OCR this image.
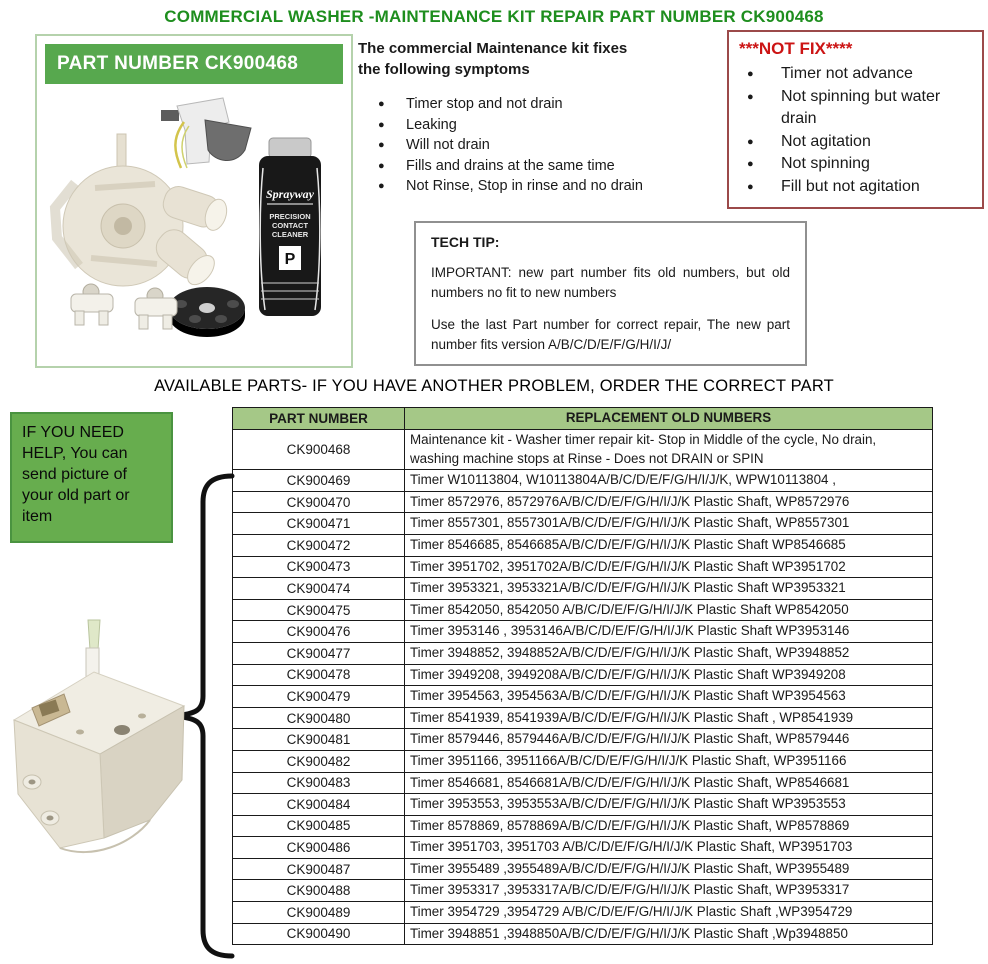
COMMERCIAL WASHER -MAINTENANCE KIT REPAIR PART NUMBER CK900468
PART NUMBER CK900468
Sprayway
PRECISION
CONTACT
CLEANER
P
The commercial Maintenance kit fixes
the following symptoms
●	Timer stop and not drain
●	Leaking
●	Will not drain
●	Fills and drains at the same time
●	Not Rinse, Stop in rinse and no drain
***NOT FIX****
●	Timer not advance
●	Not spinning but water drain
●	Not agitation
●	Not spinning
●	Fill but not agitation
TECH TIP:

IMPORTANT: new part number fits old numbers, but old numbers no fit to new numbers

Use the last Part number for correct repair, The new part number fits version A/B/C/D/E/F/G/H/I/J/

AVAILABLE PARTS- IF YOU HAVE ANOTHER PROBLEM, ORDER THE CORRECT PART
IF YOU NEED HELP, You can send picture of your old part or item
PART NUMBER	REPLACEMENT OLD NUMBERS
CK900468	Maintenance kit - Washer timer repair kit- Stop in Middle of the cycle, No drain, washing machine stops at Rinse - Does not DRAIN or SPIN
CK900469	Timer W10113804, W10113804A/B/C/D/E/F/G/H/I/J/K, WPW10113804 ,
CK900470	Timer 8572976, 8572976A/B/C/D/E/F/G/H/I/J/K Plastic Shaft, WP8572976
CK900471	Timer 8557301, 8557301A/B/C/D/E/F/G/H/I/J/K Plastic Shaft, WP8557301
CK900472	Timer 8546685, 8546685A/B/C/D/E/F/G/H/I/J/K Plastic Shaft WP8546685
CK900473	Timer 3951702, 3951702A/B/C/D/E/F/G/H/I/J/K Plastic Shaft WP3951702
CK900474	Timer 3953321, 3953321A/B/C/D/E/F/G/H/I/J/K Plastic Shaft WP3953321
CK900475	Timer 8542050, 8542050 A/B/C/D/E/F/G/H/I/J/K Plastic Shaft WP8542050
CK900476	Timer 3953146 , 3953146A/B/C/D/E/F/G/H/I/J/K Plastic Shaft WP3953146
CK900477	Timer 3948852, 3948852A/B/C/D/E/F/G/H/I/J/K Plastic Shaft, WP3948852
CK900478	Timer 3949208, 3949208A/B/C/D/E/F/G/H/I/J/K Plastic Shaft WP3949208
CK900479	Timer 3954563, 3954563A/B/C/D/E/F/G/H/I/J/K Plastic Shaft WP3954563
CK900480	Timer 8541939, 8541939A/B/C/D/E/F/G/H/I/J/K Plastic Shaft , WP8541939
CK900481	Timer 8579446, 8579446A/B/C/D/E/F/G/H/I/J/K Plastic Shaft, WP8579446
CK900482	Timer 3951166, 3951166A/B/C/D/E/F/G/H/I/J/K Plastic Shaft, WP3951166
CK900483	Timer 8546681, 8546681A/B/C/D/E/F/G/H/I/J/K Plastic Shaft, WP8546681
CK900484	Timer 3953553, 3953553A/B/C/D/E/F/G/H/I/J/K Plastic Shaft WP3953553
CK900485	Timer 8578869, 8578869A/B/C/D/E/F/G/H/I/J/K Plastic Shaft, WP8578869
CK900486	Timer 3951703, 3951703 A/B/C/D/E/F/G/H/I/J/K Plastic Shaft, WP3951703
CK900487	Timer 3955489 ,3955489A/B/C/D/E/F/G/H/I/J/K Plastic Shaft, WP3955489
CK900488	Timer 3953317 ,3953317A/B/C/D/E/F/G/H/I/J/K Plastic Shaft, WP3953317
CK900489	Timer 3954729 ,3954729 A/B/C/D/E/F/G/H/I/J/K Plastic Shaft ,WP3954729
CK900490	Timer 3948851 ,3948850A/B/C/D/E/F/G/H/I/J/K Plastic Shaft ,Wp3948850
